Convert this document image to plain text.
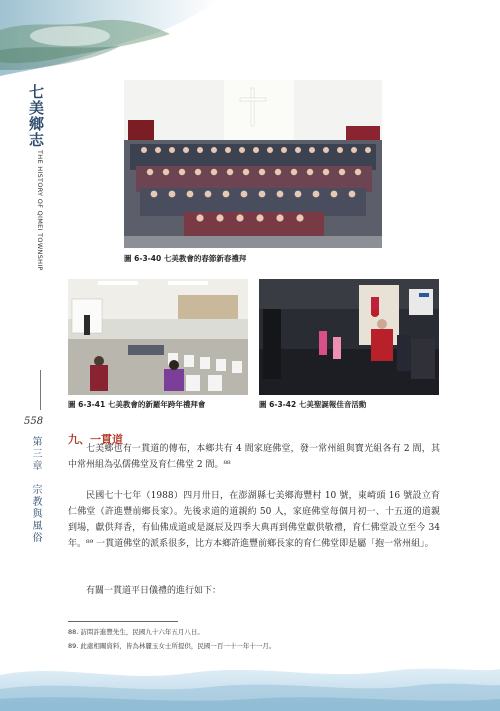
七美鄉志
THE HISTORY OF QIMEI TOWNSHIP
558
第三章　宗教與風俗
圖 6-3-40 七美教會的春節新春禮拜
圖 6-3-41 七美教會的新羅年跨年禮拜會	圖 6-3-42 七美聖誕報佳音活動
九、一貫道

七美鄉也有一貫道的傳布，本鄉共有 4 間家庭佛堂，發一常州組與寶光組各有 2 間，其中常州組為弘儒佛堂及育仁佛堂 2 間。⁸⁸

民國七十七年（1988）四月卅日，在澎湖縣七美鄉海豐村 10 號，東崎頭 16 號設立育仁佛堂（許進豐前鄉長家）。先後求道的道親約 50 人，家庭佛堂每個月初一、十五道的道親到場，獻供拜香，有仙佛成道或是誕辰及四季大典再到佛堂獻供敬禮，育仁佛堂設立至今 34 年。⁸⁹ 一貫道佛堂的派系很多，比方本鄉許進豐前鄉長家的育仁佛堂即是屬「抱一常州組」。

有關一貫道平日儀禮的進行如下：

88. 訪問許進豐先生，民國九十六年五月八日。
89. 此處相關資料，皆為林麗玉女士所提供，民國一百一十一年十一月。
